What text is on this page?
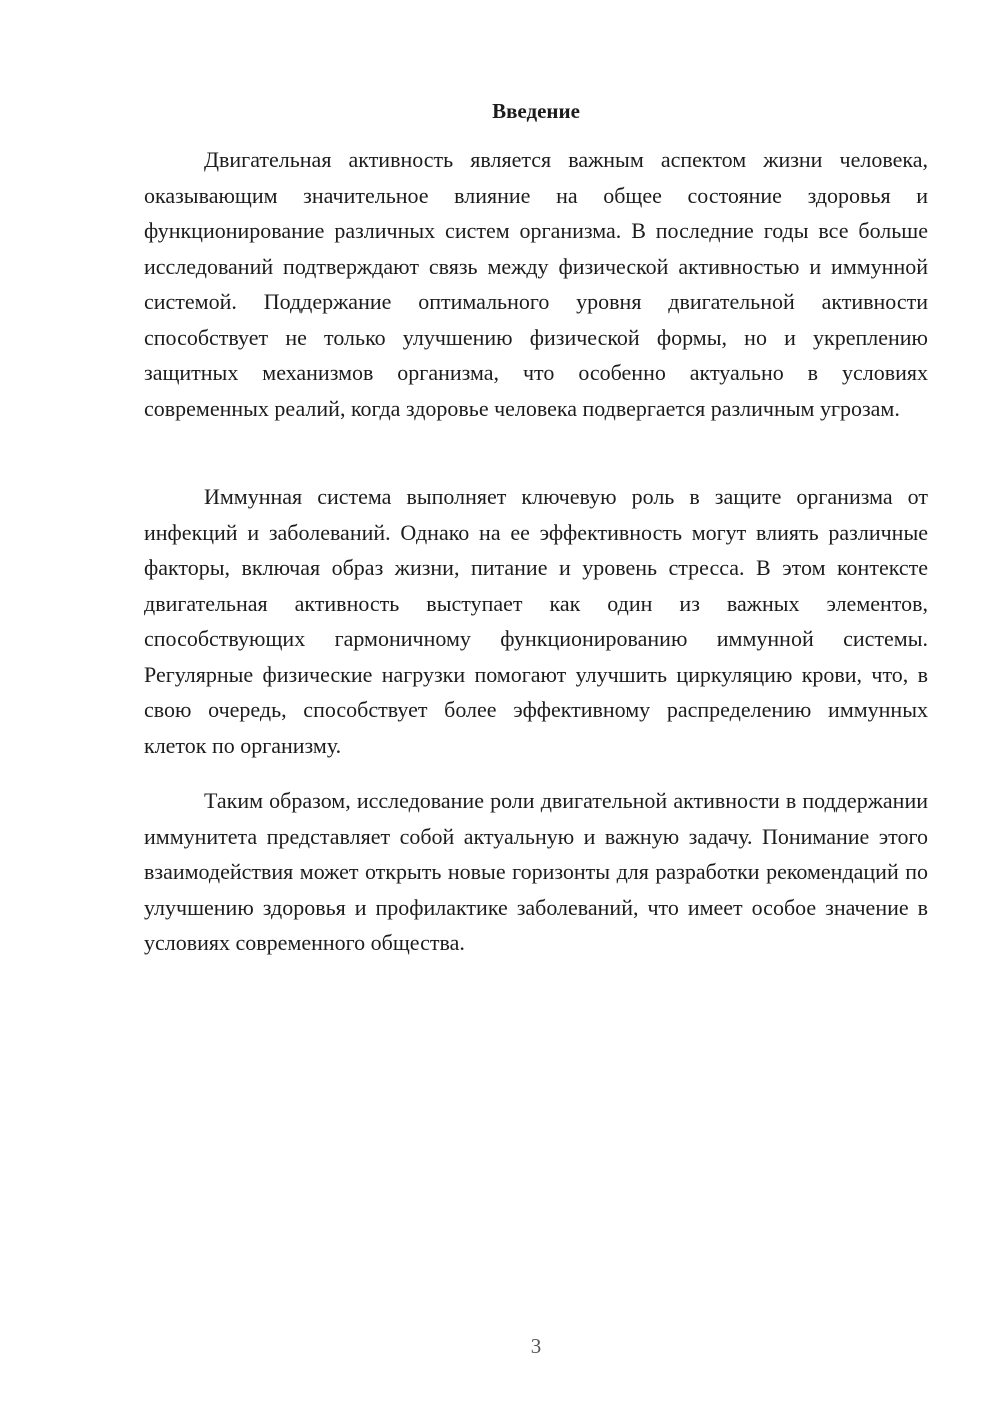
Введение

Двигательная активность является важным аспектом жизни человека, оказывающим значительное влияние на общее состояние здоровья и функционирование различных систем организма. В последние годы все больше исследований подтверждают связь между физической активностью и иммунной системой. Поддержание оптимального уровня двигательной активности способствует не только улучшению физической формы, но и укреплению защитных механизмов организма, что особенно актуально в условиях современных реалий, когда здоровье человека подвергается различным угрозам.

Иммунная система выполняет ключевую роль в защите организма от инфекций и заболеваний. Однако на ее эффективность могут влиять различные факторы, включая образ жизни, питание и уровень стресса. В этом контексте двигательная активность выступает как один из важных элементов, способствующих гармоничному функционированию иммунной системы. Регулярные физические нагрузки помогают улучшить циркуляцию крови, что, в свою очередь, способствует более эффективному распределению иммунных клеток по организму.

Таким образом, исследование роли двигательной активности в поддержании иммунитета представляет собой актуальную и важную задачу. Понимание этого взаимодействия может открыть новые горизонты для разработки рекомендаций по улучшению здоровья и профилактике заболеваний, что имеет особое значение в условиях современного общества.

3
